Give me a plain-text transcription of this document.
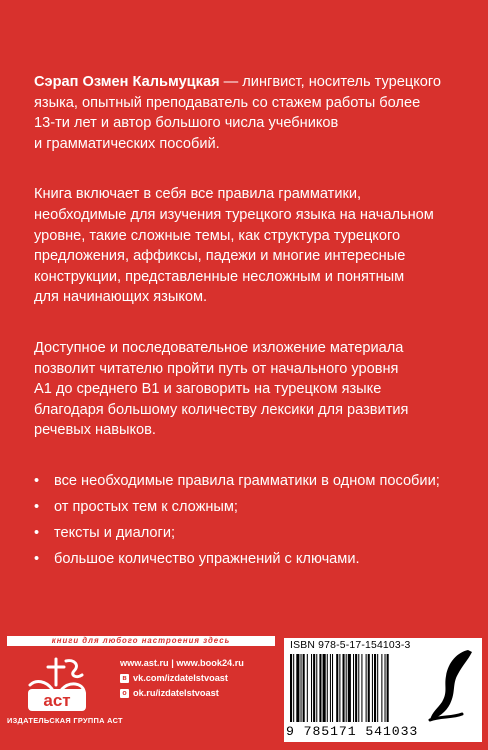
Сэрап Озмен Кальмуцкая — лингвист, носитель турецкого
языка, опытный преподаватель со стажем работы более
13-ти лет и автор большого числа учебников
и грамматических пособий.

Книга включает в себя все правила грамматики,
необходимые для изучения турецкого языка на начальном
уровне, такие сложные темы, как структура турецкого
предложения, аффиксы, падежи и многие интересные
конструкции, представленные несложным и понятным
для начинающих языком.

Доступное и последовательное изложение материала
позволит читателю пройти путь от начального уровня
А1 до среднего В1 и заговорить на турецком языке
благодаря большому количеству лексики для развития
речевых навыков.

• все необходимые правила грамматики в одном пособии;
• от простых тем к сложным;
• тексты и диалоги;
• большое количество упражнений с ключами.
книги для любого настроения здесь
аст
ИЗДАТЕЛЬСКАЯ ГРУППА АСТ
www.ast.ru | www.book24.ru
в vk.com/izdatelstvoast
о ok.ru/izdatelstvoast
ISBN 978-5-17-154103-3
9 785171 541033
